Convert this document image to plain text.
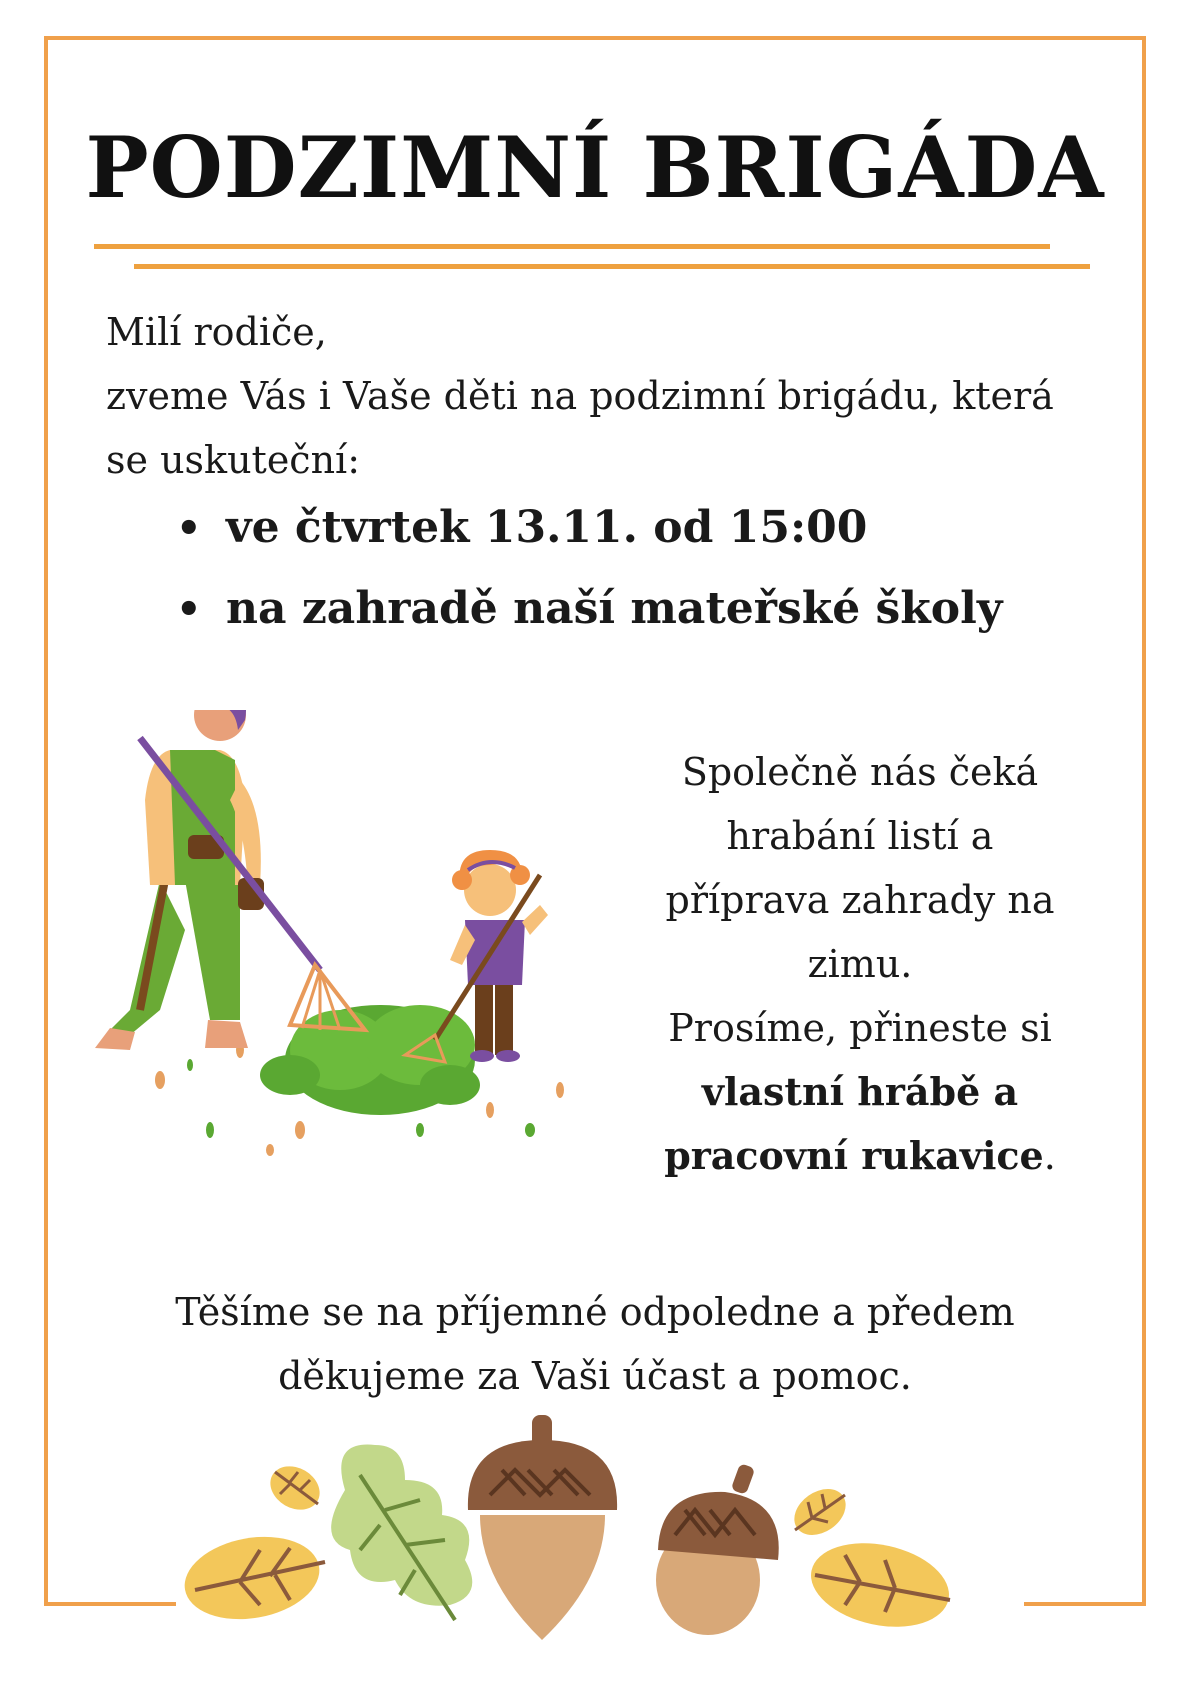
PODZIMNÍ BRIGÁDA

Milí rodiče,

zveme Vás i Vaše děti na podzimní brigádu, která

se uskuteční:

• ve čtvrtek 13.11. od 15:00
• na zahradě naší mateřské školy

Společně nás čeká

hrabání listí a

příprava zahrady na

zimu.

Prosíme, přineste si

vlastní hrábě a

pracovní rukavice.

Těšíme se na příjemné odpoledne a předem

děkujeme za Vaši účast a pomoc.
